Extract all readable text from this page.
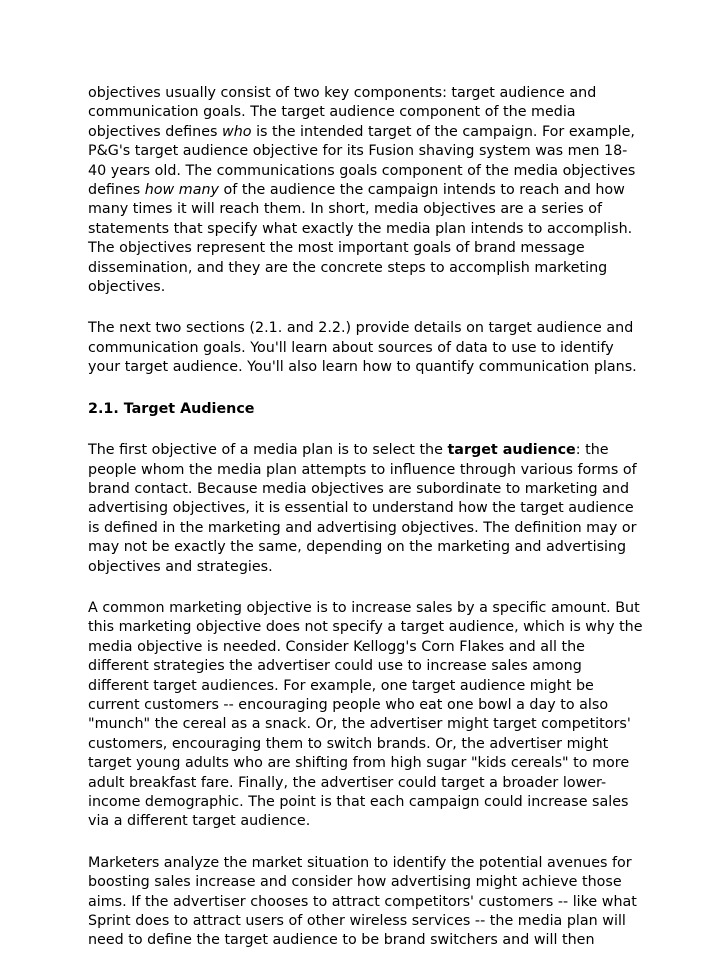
objectives usually consist of two key components: target audience and
communication goals. The target audience component of the media
objectives defines who is the intended target of the campaign. For example,
P&G's target audience objective for its Fusion shaving system was men 18-
40 years old. The communications goals component of the media objectives
defines how many of the audience the campaign intends to reach and how
many times it will reach them. In short, media objectives are a series of
statements that specify what exactly the media plan intends to accomplish.
The objectives represent the most important goals of brand message
dissemination, and they are the concrete steps to accomplish marketing
objectives.

The next two sections (2.1. and 2.2.) provide details on target audience and
communication goals. You'll learn about sources of data to use to identify
your target audience. You'll also learn how to quantify communication plans.

2.1. Target Audience

The first objective of a media plan is to select the target audience: the
people whom the media plan attempts to influence through various forms of
brand contact. Because media objectives are subordinate to marketing and
advertising objectives, it is essential to understand how the target audience
is defined in the marketing and advertising objectives. The definition may or
may not be exactly the same, depending on the marketing and advertising
objectives and strategies.

A common marketing objective is to increase sales by a specific amount. But
this marketing objective does not specify a target audience, which is why the
media objective is needed. Consider Kellogg's Corn Flakes and all the
different strategies the advertiser could use to increase sales among
different target audiences. For example, one target audience might be
current customers -- encouraging people who eat one bowl a day to also
"munch" the cereal as a snack. Or, the advertiser might target competitors'
customers, encouraging them to switch brands. Or, the advertiser might
target young adults who are shifting from high sugar "kids cereals" to more
adult breakfast fare. Finally, the advertiser could target a broader lower-
income demographic. The point is that each campaign could increase sales
via a different target audience.

Marketers analyze the market situation to identify the potential avenues for
boosting sales increase and consider how advertising might achieve those
aims. If the advertiser chooses to attract competitors' customers -- like what
Sprint does to attract users of other wireless services -- the media plan will
need to define the target audience to be brand switchers and will then
